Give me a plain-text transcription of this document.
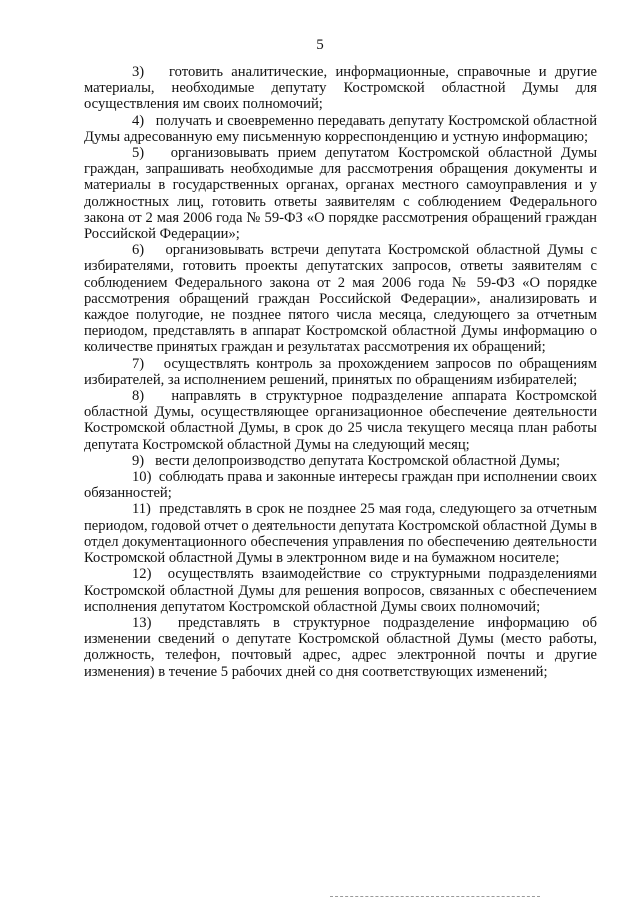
5

3)   готовить аналитические, информационные, справочные и другие материалы, необходимые депутату Костромской областной Думы для осуществления им своих полномочий;

4)   получать и своевременно передавать депутату Костромской областной Думы адресованную ему письменную корреспонденцию и устную информацию;

5)   организовывать прием депутатом Костромской областной Думы граждан, запрашивать необходимые для рассмотрения обращения документы и материалы в государственных органах, органах местного самоуправления и у должностных лиц, готовить ответы заявителям с соблюдением Федерального закона от 2 мая 2006 года № 59-ФЗ «О порядке рассмотрения обращений граждан Российской Федерации»;

6)   организовывать встречи депутата Костромской областной Думы с избирателями, готовить проекты депутатских запросов, ответы заявителям с соблюдением Федерального закона от 2 мая 2006 года № 59-ФЗ «О порядке рассмотрения обращений граждан Российской Федерации», анализировать и каждое полугодие, не позднее пятого числа месяца, следующего за отчетным периодом, представлять в аппарат Костромской областной Думы информацию о количестве принятых граждан и результатах рассмотрения их обращений;

7)   осуществлять контроль за прохождением запросов по обращениям избирателей, за исполнением решений, принятых по обращениям избирателей;

8)   направлять в структурное подразделение аппарата Костромской областной Думы, осуществляющее организационное обеспечение деятельности Костромской областной Думы, в срок до 25 числа текущего месяца план работы депутата Костромской областной Думы на следующий месяц;

9)   вести делопроизводство депутата Костромской областной Думы;

10)  соблюдать права и законные интересы граждан при исполнении своих обязанностей;

11)  представлять в срок не позднее 25 мая года, следующего за отчетным периодом, годовой отчет о деятельности депутата Костромской областной Думы в отдел документационного обеспечения управления по обеспечению деятельности Костромской областной Думы в электронном виде и на бумажном носителе;

12)  осуществлять взаимодействие со структурными подразделениями Костромской областной Думы для решения вопросов, связанных с обеспечением исполнения депутатом Костромской областной Думы своих полномочий;

13)  представлять в структурное подразделение информацию об изменении сведений о депутате Костромской областной Думы (место работы, должность, телефон, почтовый адрес, адрес электронной почты и другие изменения) в течение 5 рабочих дней со дня соответствующих изменений;
